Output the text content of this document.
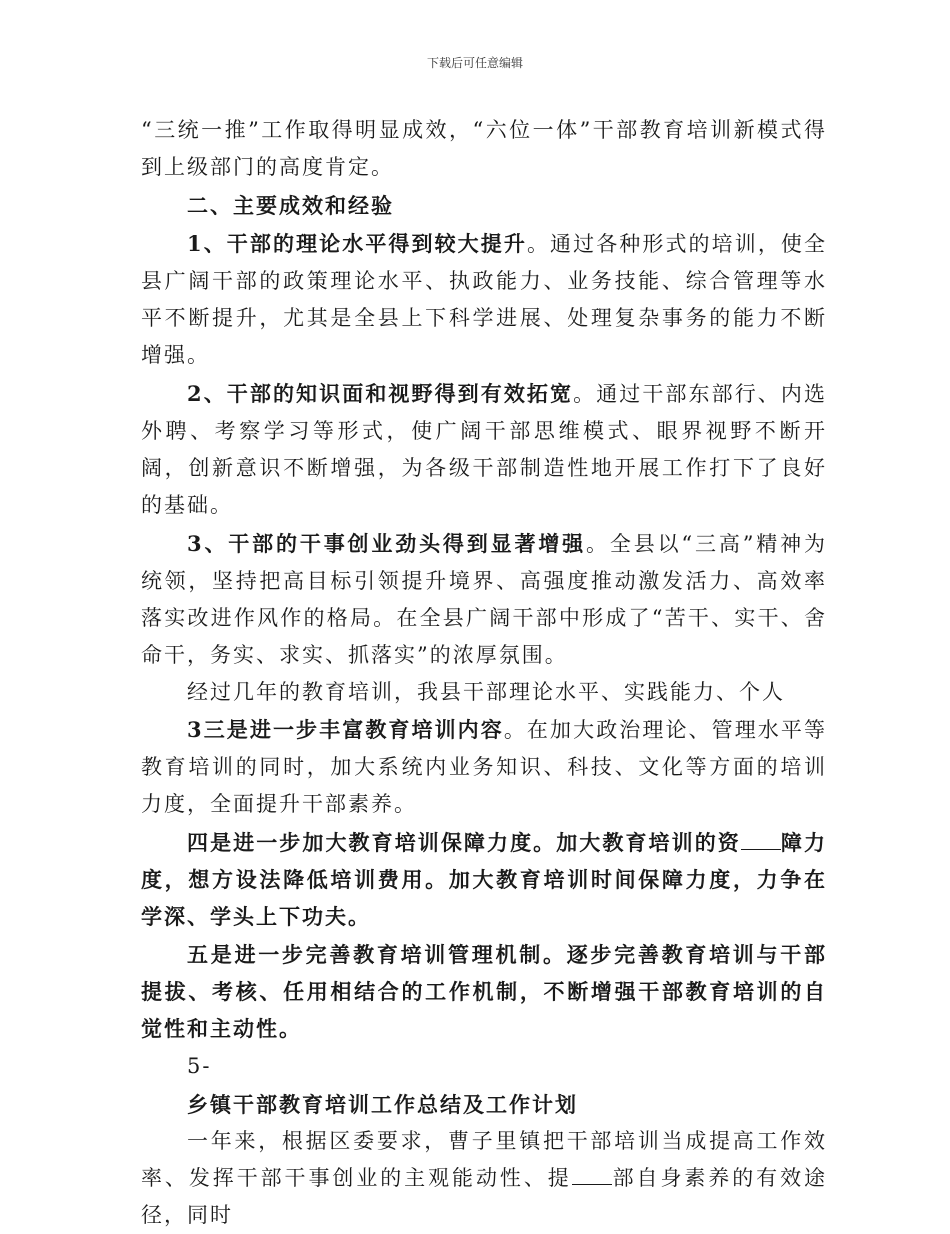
下载后可任意编辑

“三统一推”工作取得明显成效，“六位一体”干部教育培训新模式得到上级部门的高度肯定。

二、主要成效和经验

1、干部的理论水平得到较大提升。通过各种形式的培训，使全县广阔干部的政策理论水平、执政能力、业务技能、综合管理等水平不断提升，尤其是全县上下科学进展、处理复杂事务的能力不断增强。

2、干部的知识面和视野得到有效拓宽。通过干部东部行、内选外聘、考察学习等形式，使广阔干部思维模式、眼界视野不断开阔，创新意识不断增强，为各级干部制造性地开展工作打下了良好的基础。

3、干部的干事创业劲头得到显著增强。全县以“三高”精神为统领，坚持把高目标引领提升境界、高强度推动激发活力、高效率落实改进作风作的格局。在全县广阔干部中形成了“苦干、实干、舍命干，务实、求实、抓落实”的浓厚氛围。

经过几年的教育培训，我县干部理论水平、实践能力、个人

3三是进一步丰富教育培训内容。在加大政治理论、管理水平等教育培训的同时，加大系统内业务知识、科技、文化等方面的培训力度，全面提升干部素养。

四是进一步加大教育培训保障力度。加大教育培训的资 障力度，想方设法降低培训费用。加大教育培训时间保障力度，力争在学深、学头上下功夫。

五是进一步完善教育培训管理机制。逐步完善教育培训与干部提拔、考核、任用相结合的工作机制，不断增强干部教育培训的自觉性和主动性。

5-

乡镇干部教育培训工作总结及工作计划

一年来，根据区委要求，曹子里镇把干部培训当成提高工作效率、发挥干部干事创业的主观能动性、提 部自身素养的有效途径，同时
